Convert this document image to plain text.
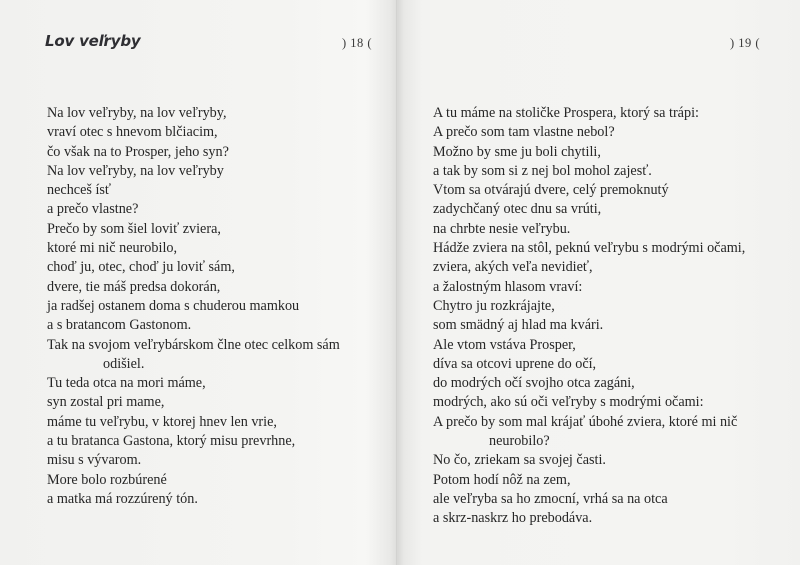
Lov veľryby	) 18 (
Na lov veľryby, na lov veľryby,
vraví otec s hnevom blčiacim,
čo však na to Prosper, jeho syn?
Na lov veľryby, na lov veľryby
nechceš ísť
a prečo vlastne?
Prečo by som šiel loviť zviera,
ktoré mi nič neurobilo,
choď ju, otec, choď ju loviť sám,
dvere, tie máš predsa dokorán,
ja radšej ostanem doma s chuderou mamkou
a s bratancom Gastonom.
Tak na svojom veľrybárskom člne otec celkom sám
odišiel.
Tu teda otca na mori máme,
syn zostal pri mame,
máme tu veľrybu, v ktorej hnev len vrie,
a tu bratanca Gastona, ktorý misu prevrhne,
misu s vývarom.
More bolo rozbúrené
a matka má rozzúrený tón.
) 19 (
A tu máme na stoličke Prospera, ktorý sa trápi:
A prečo som tam vlastne nebol?
Možno by sme ju boli chytili,
a tak by som si z nej bol mohol zajesť.
Vtom sa otvárajú dvere, celý premoknutý
zadychčaný otec dnu sa vrúti,
na chrbte nesie veľrybu.
Hádže zviera na stôl, peknú veľrybu s modrými očami,
zviera, akých veľa nevidieť,
a žalostným hlasom vraví:
Chytro ju rozkrájajte,
som smädný aj hlad ma kvári.
Ale vtom vstáva Prosper,
díva sa otcovi uprene do očí,
do modrých očí svojho otca zagáni,
modrých, ako sú oči veľryby s modrými očami:
A prečo by som mal krájať úbohé zviera, ktoré mi nič
neurobilo?
No čo, zriekam sa svojej časti.
Potom hodí nôž na zem,
ale veľryba sa ho zmocní, vrhá sa na otca
a skrz-naskrz ho prebodáva.
